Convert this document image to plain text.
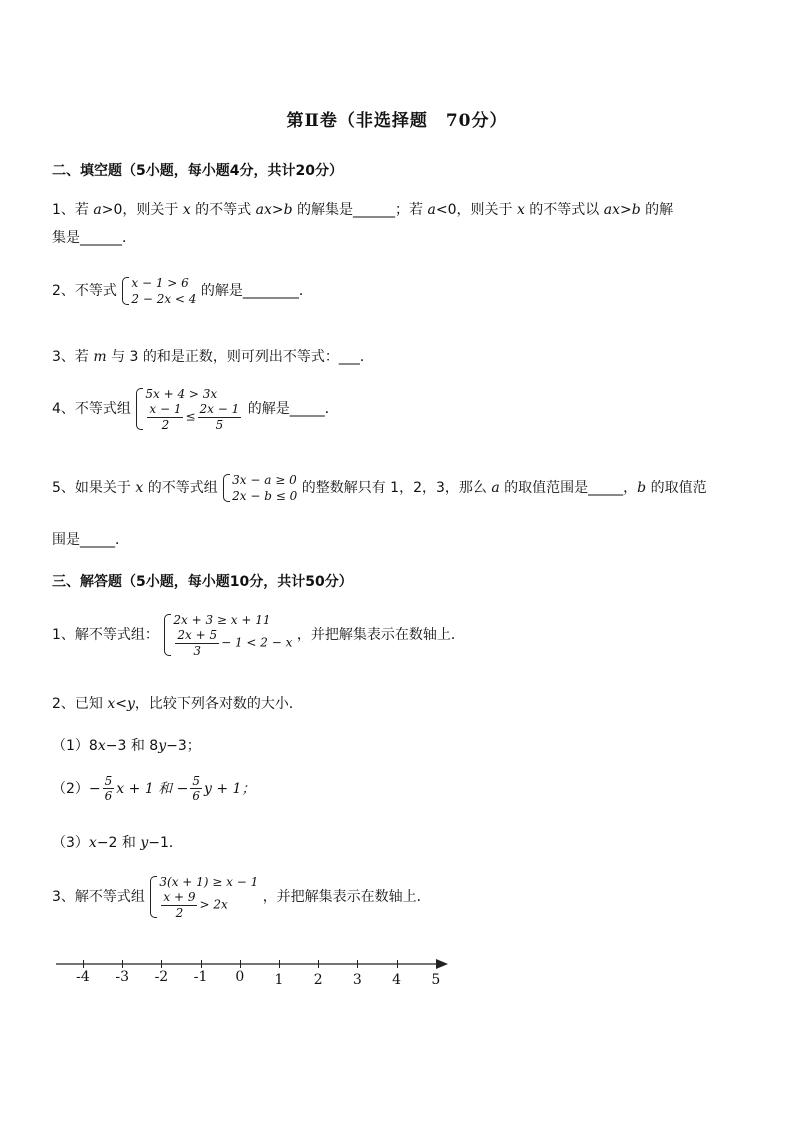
第Ⅱ卷（非选择题　70分）
二、填空题（5小题，每小题4分，共计20分）
1、若 a>0，则关于 x 的不等式 ax>b 的解集是______；若 a<0，则关于 x 的不等式以 ax>b 的解
集是______．
2、不等式
x − 1 > 6
2 − 2x < 4 的解是________．
3、若 m 与 3 的和是正数，则可列出不等式：___．
4、不等式组
5x + 4 > 3x
$\frac{x - 1}{2} \le \frac{2x - 1}{5}$ 的解是_____．
5、如果关于 x 的不等式组
3x − a ≥ 0
2x − b ≤ 0 的整数解只有 1，2，3，那么 a 的取值范围是_____，b 的取值范
围是_____．
三、解答题（5小题，每小题10分，共计50分）
1、解不等式组：
2x + 3 ≥ x + 11
$\frac{2x + 5}{3} - 1 < 2 - x$ ，并把解集表示在数轴上．
2、已知 x<y，比较下列各对数的大小．
（1）8x−3 和 8y−3；
$(2)- \frac{5}{6}$ x + 1 和 − $\frac{5}{6}$ y + 1；
（3）x−2 和 y−1．
3、解不等式组
3(x + 1) ≥ x − 1
$\frac{x + 9}{2} > 2x$	，并把解集表示在数轴上．
-4 -3 -2 -1 0 1 2 3 4 5
